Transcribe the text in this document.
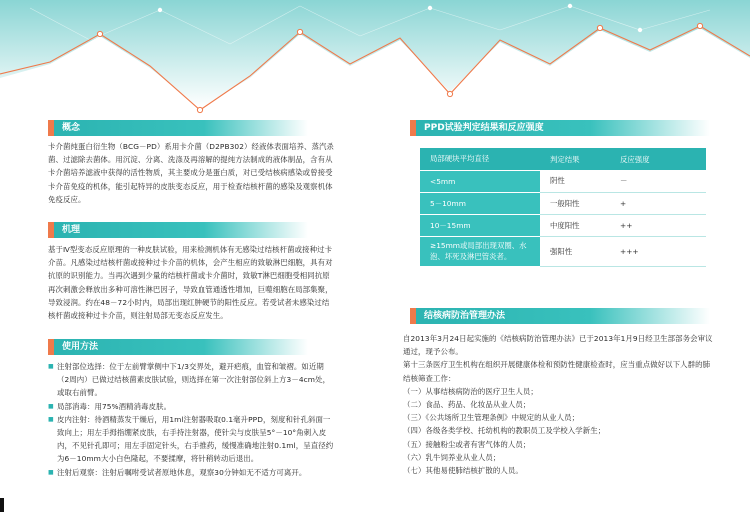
概念

卡介菌纯蛋白衍生物（BCG－PD）系用卡介菌（D2PB302）经液体表面培养、蒸汽杀菌、过滤除去菌体。用沉淀、分离、洗涤及再溶解的提纯方法制成的液体制品，含有从卡介菌培养滤液中获得的活性物质，其主要成分是蛋白质，对已受结核病感染或曾接受卡介苗免疫的机体，能引起特异的皮肤变态反应，用于检查结核杆菌的感染及观察机体免疫反应。

机理

基于Ⅳ型变态反应原理的一种皮肤试验，用来检测机体有无感染过结核杆菌或接种过卡介苗。凡感染过结核杆菌或接种过卡介苗的机体，会产生相应的致敏淋巴细胞，具有对抗原的识别能力。当再次遇到少量的结核杆菌或卡介菌时，致敏T淋巴细胞受相同抗原再次刺激会释放出多种可溶性淋巴因子，导致血管通透性增加，巨噬细胞在局部集聚，导致浸润。约在48－72小时内，局部出现红肿硬节的阳性反应。若受试者未感染过结核杆菌或接种过卡介苗，则注射局部无变态反应发生。

使用方法
■ 注射部位选择：位于左前臂掌侧中下1/3交界处，避开疤痕，血管和皱褶。如近期（2周内）已做过结核菌素皮肤试验，则选择在第一次注射部位斜上方3－4cm处，或取右前臂。
■ 局部消毒：用75%酒精消毒皮肤。
■ 皮内注射：待酒精蒸发干燥后，用1ml注射器吸取0.1毫升PPD，刻度和针孔斜面一致向上；用左手拇指绷紧皮肤，右手持注射器，使针尖与皮肤呈5°－10°角刺入皮内，不见针孔即可；用左手固定针头，右手推药，缓慢准确地注射0.1ml，呈直径约为6－10mm大小白色隆起，不要揉摩，将针稍转动后退出。
■ 注射后观察：注射后嘱咐受试者原地休息，观察30分钟如无不适方可离开。
PPD试验判定结果和反应强度
局部硬块平均直径	判定结果	反应强度
<5mm	阴性	－
5－10mm	一般阳性	+
10－15mm	中度阳性	++
≥15mm或局部出现双圈、水泡、坏死及淋巴管炎者。	强阳性	+++
结核病防治管理办法

自2013年3月24日起实施的《结核病防治管理办法》已于2013年1月9日经卫生部部务会审议通过，现予公布。

第十三条医疗卫生机构在组织开展健康体检和预防性健康检查时，应当重点做好以下人群的肺结核筛查工作：

（一）从事结核病防治的医疗卫生人员；

（二）食品、药品、化妆品从业人员；

（三）《公共场所卫生管理条例》中规定的从业人员；

（四）各级各类学校、托幼机构的教职员工及学校入学新生；

（五）接触粉尘或者有害气体的人员；

（六）乳牛饲养业从业人员；

（七）其他易使肺结核扩散的人员。
